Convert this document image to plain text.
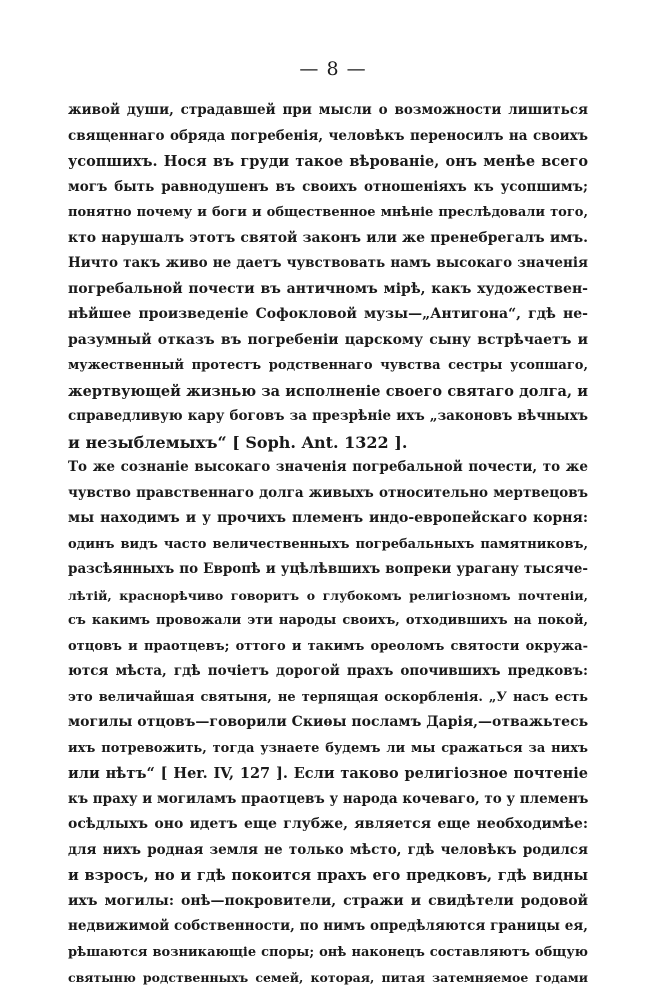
— 8 —
живой души, страдавшей при мысли о возможности лишиться
священнаго обряда погребенія, человѣкъ переносилъ на своихъ
усопшихъ. Нося въ груди такое вѣрованіе, онъ менѣе всего
могъ быть равнодушенъ въ своихъ отношеніяхъ къ усопшимъ;
понятно почему и боги и общественное мнѣніе преслѣдовали того,
кто нарушалъ этотъ святой законъ или же пренебрегалъ имъ.
Ничто такъ живо не даетъ чувствовать намъ высокаго значенія
погребальной почести въ античномъ мірѣ, какъ художествен-
нѣйшее произведеніе Софокловой музы—„Антигона“, гдѣ не-
разумный отказъ въ погребеніи царскому сыну встрѣчаетъ и
мужественный протестъ родственнаго чувства сестры усопшаго,
жертвующей жизнью за исполненіе своего святаго долга, и
справедливую кару боговъ за презрѣніе ихъ „законовъ вѣчныхъ
и незыблемыхъ“ [ Soph. Ant. 1322 ].
То же сознаніе высокаго значенія погребальной почести, то же
чувство правственнаго долга живыхъ относительно мертвецовъ
мы находимъ и у прочихъ племенъ индо-европейскаго корня:
одинъ видъ часто величественныхъ погребальныхъ памятниковъ,
разсѣянныхъ по Европѣ и уцѣлѣвшихъ вопреки урагану тысяче-
лѣтій, краснорѣчиво говоритъ о глубокомъ религіозномъ почтеніи,
съ какимъ провожали эти народы своихъ, отходившихъ на покой,
отцовъ и праотцевъ; оттого и такимъ ореоломъ святости окружа-
ются мѣста, гдѣ почіетъ дорогой прахъ опочившихъ предковъ:
это величайшая святыня, не терпящая оскорбленія. „У насъ есть
могилы отцовъ—говорили Скиѳы посламъ Дарія,—отважьтесь
ихъ потревожить, тогда узнаете будемъ ли мы сражаться за нихъ
или нѣтъ“ [ Her. IV, 127 ]. Если таково религіозное почтеніе
къ праху и могиламъ праотцевъ у народа кочеваго, то у племенъ
осѣдлыхъ оно идетъ еще глубже, является еще необходимѣе:
для нихъ родная земля не только мѣсто, гдѣ человѣкъ родился
и взросъ, но и гдѣ покоится прахъ его предковъ, гдѣ видны
ихъ могилы: онѣ—покровители, стражи и свидѣтели родовой
недвижимой собственности, по нимъ опредѣляются границы ея,
рѣшаются возникающіе споры; онѣ наконецъ составляютъ общую
святыню родственныхъ семей, которая, питая затемняемое годами
